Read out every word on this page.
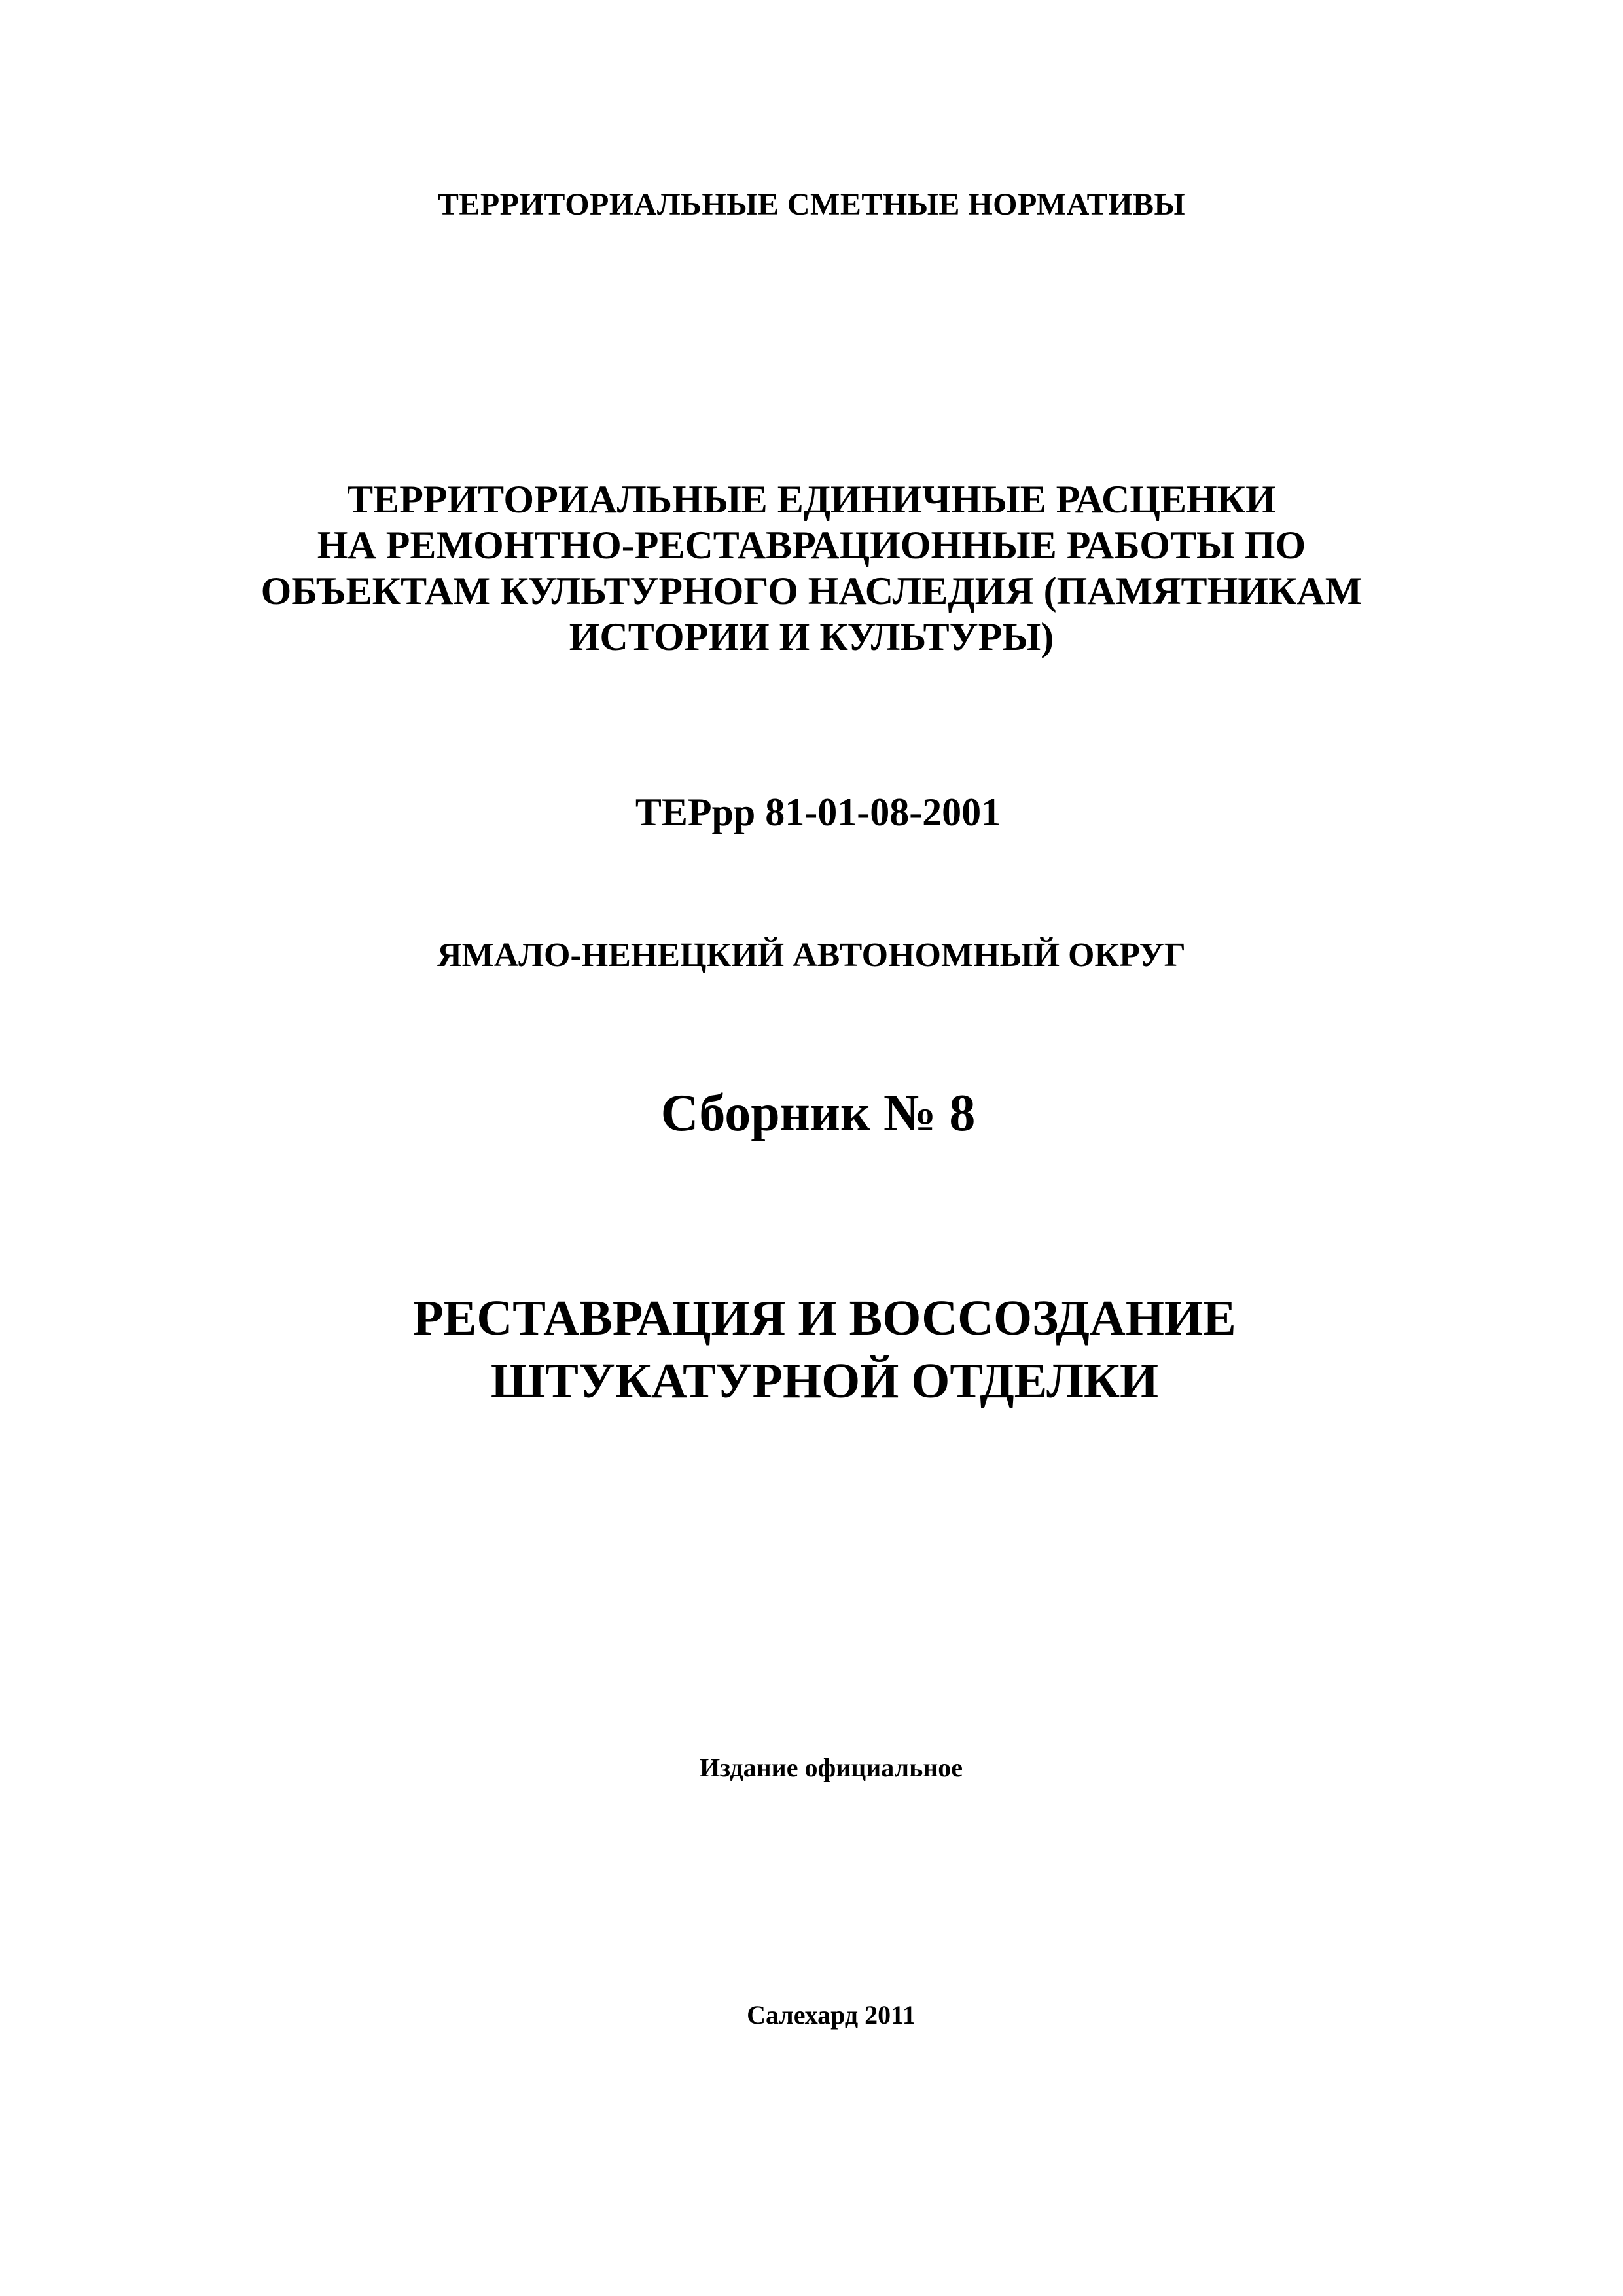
ТЕРРИТОРИАЛЬНЫЕ СМЕТНЫЕ НОРМАТИВЫ

ТЕРРИТОРИАЛЬНЫЕ ЕДИНИЧНЫЕ РАСЦЕНКИ
НА РЕМОНТНО-РЕСТАВРАЦИОННЫЕ РАБОТЫ ПО
ОБЪЕКТАМ КУЛЬТУРНОГО НАСЛЕДИЯ (ПАМЯТНИКАМ
ИСТОРИИ И КУЛЬТУРЫ)

ТЕРрр 81-01-08-2001

ЯМАЛО-НЕНЕЦКИЙ АВТОНОМНЫЙ ОКРУГ

Сборник № 8

РЕСТАВРАЦИЯ И ВОССОЗДАНИЕ
ШТУКАТУРНОЙ ОТДЕЛКИ

Издание официальное

Салехард 2011
